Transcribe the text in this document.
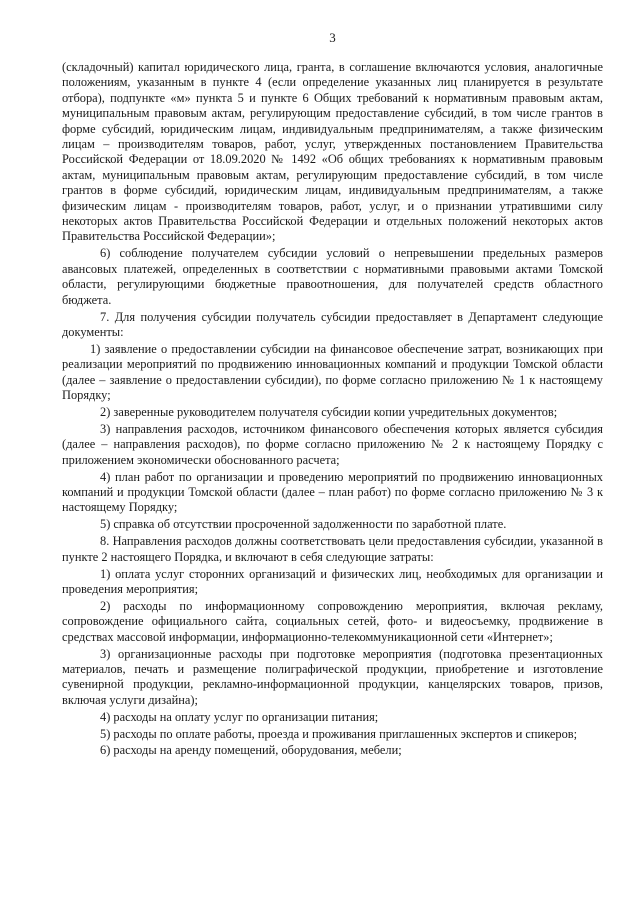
3

(складочный) капитал юридического лица, гранта, в соглашение включаются условия, аналогичные положениям, указанным в пункте 4 (если определение указанных лиц планируется в результате отбора), подпункте «м» пункта 5 и пункте 6 Общих требований к нормативным правовым актам, муниципальным правовым актам, регулирующим предоставление субсидий, в том числе грантов в форме субсидий, юридическим лицам, индивидуальным предпринимателям, а также физическим лицам – производителям товаров, работ, услуг, утвержденных постановлением Правительства Российской Федерации от 18.09.2020 № 1492 «Об общих требованиях к нормативным правовым актам, муниципальным правовым актам, регулирующим предоставление субсидий, в том числе грантов в форме субсидий, юридическим лицам, индивидуальным предпринимателям, а также физическим лицам - производителям товаров, работ, услуг, и о признании утратившими силу некоторых актов Правительства Российской Федерации и отдельных положений некоторых актов Правительства Российской Федерации»;

6) соблюдение получателем субсидии условий о непревышении предельных размеров авансовых платежей, определенных в соответствии с нормативными правовыми актами Томской области, регулирующими бюджетные правоотношения, для получателей средств областного бюджета.

7. Для получения субсидии получатель субсидии предоставляет в Департамент следующие документы:

1) заявление о предоставлении субсидии на финансовое обеспечение затрат, возникающих при реализации мероприятий по продвижению инновационных компаний и продукции Томской области (далее – заявление о предоставлении субсидии), по форме согласно приложению № 1 к настоящему Порядку;

2) заверенные руководителем получателя субсидии копии учредительных документов;

3) направления расходов, источником финансового обеспечения которых является субсидия (далее – направления расходов), по форме согласно приложению № 2 к настоящему Порядку с приложением экономически обоснованного расчета;

4) план работ по организации и проведению мероприятий по продвижению инновационных компаний и продукции Томской области (далее – план работ) по форме согласно приложению № 3 к настоящему Порядку;

5) справка об отсутствии просроченной задолженности по заработной плате.

8. Направления расходов должны соответствовать цели предоставления субсидии, указанной в пункте 2 настоящего Порядка, и включают в себя следующие затраты:

1) оплата услуг сторонних организаций и физических лиц, необходимых для организации и проведения мероприятия;

2) расходы по информационному сопровождению мероприятия, включая рекламу, сопровождение официального сайта, социальных сетей, фото- и видеосъемку, продвижение в средствах массовой информации, информационно-телекоммуникационной сети «Интернет»;

3) организационные расходы при подготовке мероприятия (подготовка презентационных материалов, печать и размещение полиграфической продукции, приобретение и изготовление сувенирной продукции, рекламно-информационной продукции, канцелярских товаров, призов, включая услуги дизайна);

4) расходы на оплату услуг по организации питания;

5) расходы по оплате работы, проезда и проживания приглашенных экспертов и спикеров;

6) расходы на аренду помещений, оборудования, мебели;
